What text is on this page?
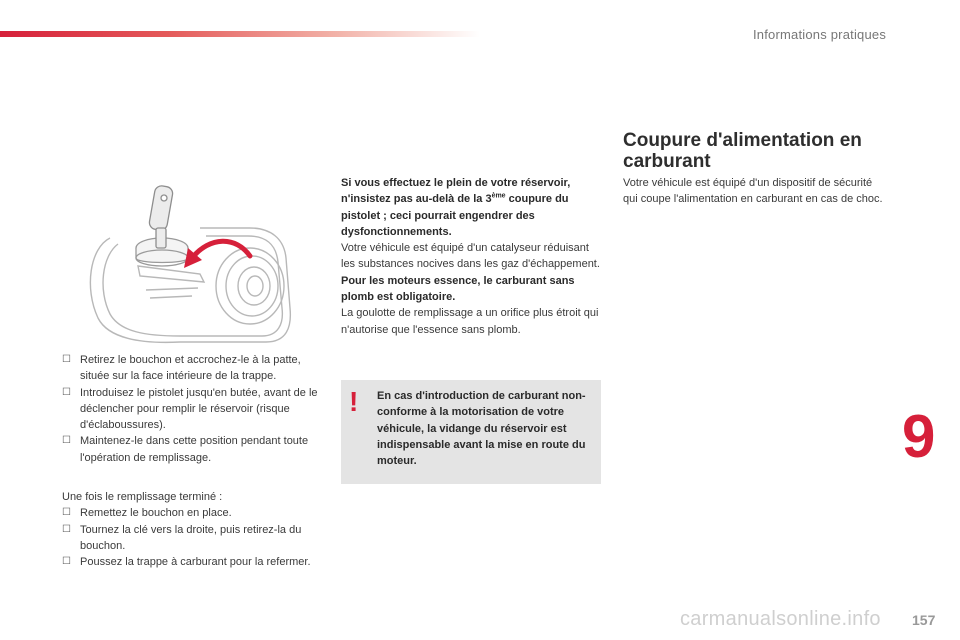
Informations pratiques
☐ Retirez le bouchon et accrochez-le à la patte, située sur la face intérieure de la trappe.
☐ Introduisez le pistolet jusqu'en butée, avant de le déclencher pour remplir le réservoir (risque d'éclaboussures).
☐ Maintenez-le dans cette position pendant toute l'opération de remplissage.

Une fois le remplissage terminé :

☐ Remettez le bouchon en place.
☐ Tournez la clé vers la droite, puis retirez-la du bouchon.
☐ Poussez la trappe à carburant pour la refermer.

Si vous effectuez le plein de votre réservoir, n'insistez pas au-delà de la 3ème coupure du pistolet ; ceci pourrait engendrer des dysfonctionnements.

Votre véhicule est équipé d'un catalyseur réduisant les substances nocives dans les gaz d'échappement.

Pour les moteurs essence, le carburant sans plomb est obligatoire.

La goulotte de remplissage a un orifice plus étroit qui n'autorise que l'essence sans plomb.

! En cas d'introduction de carburant non-conforme à la motorisation de votre véhicule, la vidange du réservoir est indispensable avant la mise en route du moteur.
Coupure d'alimentation en carburant
Votre véhicule est équipé d'un dispositif de sécurité qui coupe l'alimentation en carburant en cas de choc.
9
carmanualsonline.info 157
